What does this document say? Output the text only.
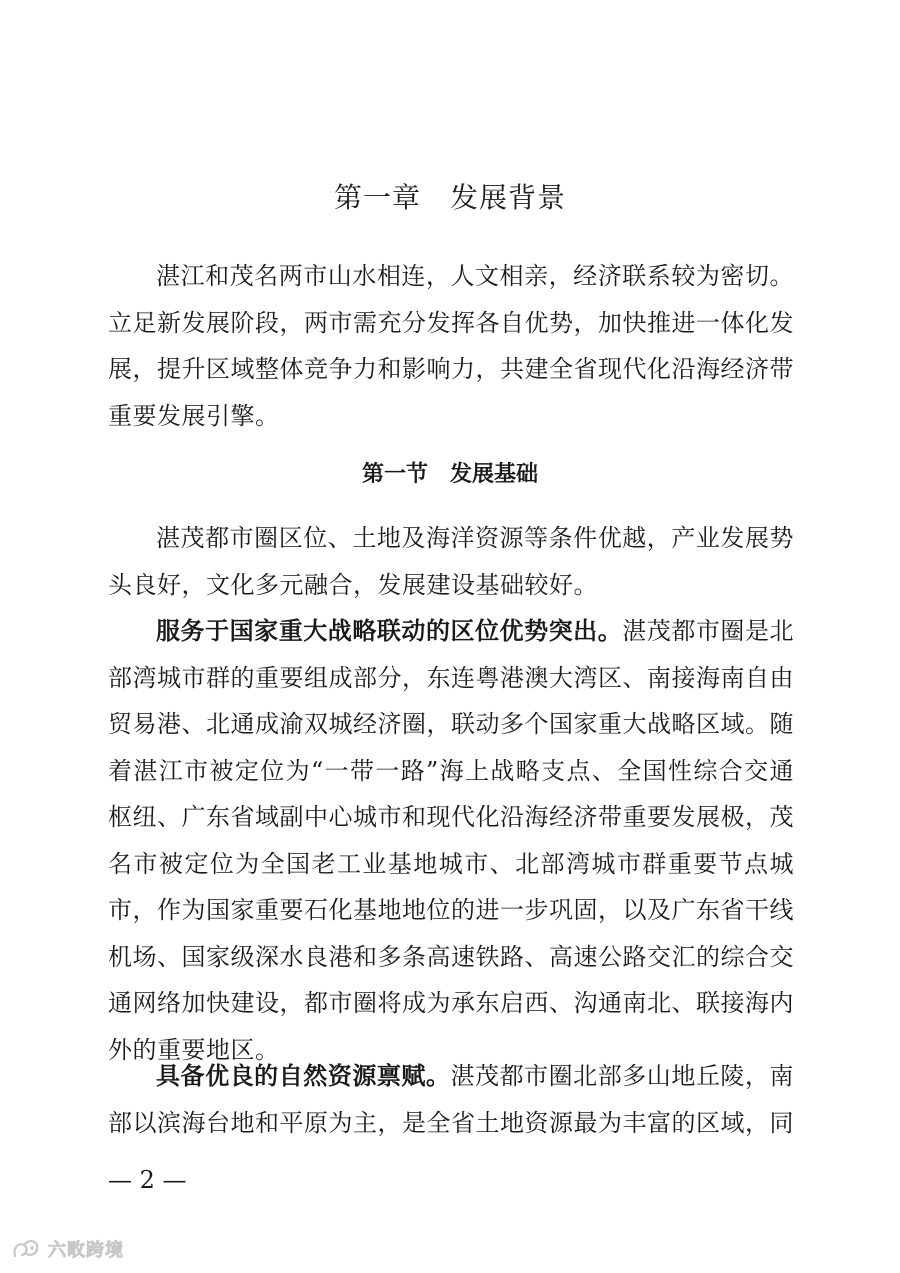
第一章　发展背景

湛江和茂名两市山水相连，人文相亲，经济联系较为密切。立足新发展阶段，两市需充分发挥各自优势，加快推进一体化发展，提升区域整体竞争力和影响力，共建全省现代化沿海经济带重要发展引擎。

第一节　发展基础

湛茂都市圈区位、土地及海洋资源等条件优越，产业发展势头良好，文化多元融合，发展建设基础较好。

服务于国家重大战略联动的区位优势突出。湛茂都市圈是北部湾城市群的重要组成部分，东连粤港澳大湾区、南接海南自由贸易港、北通成渝双城经济圈，联动多个国家重大战略区域。随着湛江市被定位为“一带一路”海上战略支点、全国性综合交通枢纽、广东省域副中心城市和现代化沿海经济带重要发展极，茂名市被定位为全国老工业基地城市、北部湾城市群重要节点城市，作为国家重要石化基地地位的进一步巩固，以及广东省干线机场、国家级深水良港和多条高速铁路、高速公路交汇的综合交通网络加快建设，都市圈将成为承东启西、沟通南北、联接海内外的重要地区。

具备优良的自然资源禀赋。湛茂都市圈北部多山地丘陵，南部以滨海台地和平原为主，是全省土地资源最为丰富的区域，同

— 2 —
六畋跨境
